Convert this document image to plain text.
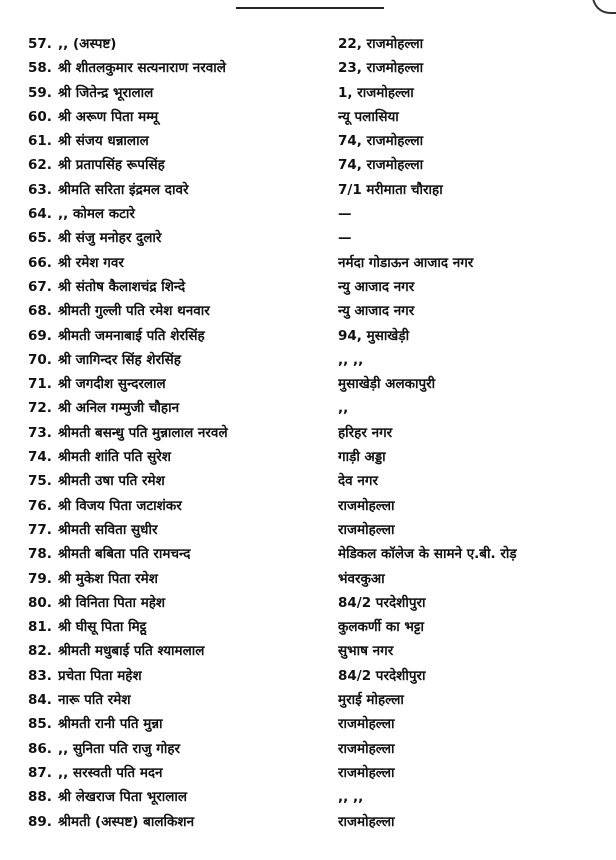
57. ,, (अस्पष्ट)	22, राजमोहल्ला
58. श्री शीतलकुमार सत्यनाराण नरवाले	23, राजमोहल्ला
59. श्री जितेन्द्र भूरालाल	1, राजमोहल्ला
60. श्री अरूण पिता मम्मू	न्यू पलासिया
61. श्री संजय धन्नालाल	74, राजमोहल्ला
62. श्री प्रतापसिंह रूपसिंह	74, राजमोहल्ला
63. श्रीमति सरिता इंद्रमल दावरे	7/1 मरीमाता चौराहा
64. ,, कोमल कटारे	—
65. श्री संजु मनोहर दुलारे	—
66. श्री रमेश गवर	नर्मदा गोडाऊन आजाद नगर
67. श्री संतोष कैलाशचंद्र शिन्दे	न्यु आजाद नगर
68. श्रीमती गुल्ली पति रमेश थनवार	न्यु आजाद नगर
69. श्रीमती जमनाबाई पति शेरसिंह	94, मुसाखेड़ी
70. श्री जागिन्दर सिंह शेरसिंह	,, ,,
71. श्री जगदीश सुन्दरलाल	मुसाखेड़ी अलकापुरी
72. श्री अनिल गम्मुजी चौहान	,,
73. श्रीमती बसन्धु पति मुन्नालाल नरवले	हरिहर नगर
74. श्रीमती शांति पति सुरेश	गाड़ी अड्डा
75. श्रीमती उषा पति रमेश	देव नगर
76. श्री विजय पिता जटाशंकर	राजमोहल्ला
77. श्रीमती सविता सुधीर	राजमोहल्ला
78. श्रीमती बबिता पति रामचन्द	मेडिकल कॉलेज के सामने ए.बी. रोड़
79. श्री मुकेश पिता रमेश	भंवरकुआ
80. श्री विनिता पिता महेश	84/2 परदेशीपुरा
81. श्री घीसू पिता मिट्ठू	कुलकर्णी का भट्टा
82. श्रीमती मधुबाई पति श्यामलाल	सुभाष नगर
83. प्रचेता पिता महेश	84/2 परदेशीपुरा
84. नारू पति रमेश	मुराई मोहल्ला
85. श्रीमती रानी पति मुन्ना	राजमोहल्ला
86. ,, सुनिता पति राजु गोहर	राजमोहल्ला
87. ,, सरस्वती पति मदन	राजमोहल्ला
88. श्री लेखराज पिता भूरालाल	,, ,,
89. श्रीमती (अस्पष्ट) बालकिशन	राजमोहल्ला
